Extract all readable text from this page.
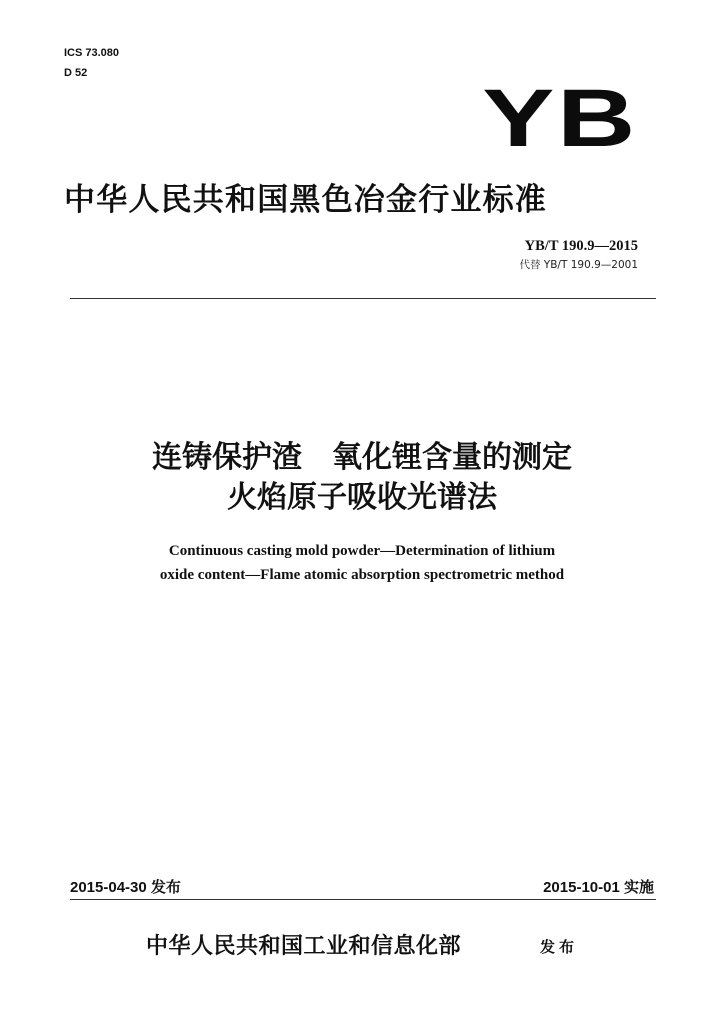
ICS 73.080
D 52	YB
中华人民共和国黑色冶金行业标准
YB/T 190.9—2015
代替 YB/T 190.9—2001
连铸保护渣　氧化锂含量的测定
火焰原子吸收光谱法
Continuous casting mold powder—Determination of lithium
oxide content—Flame atomic absorption spectrometric method
2015-04-30 发布	2015-10-01 实施
中华人民共和国工业和信息化部	发布
